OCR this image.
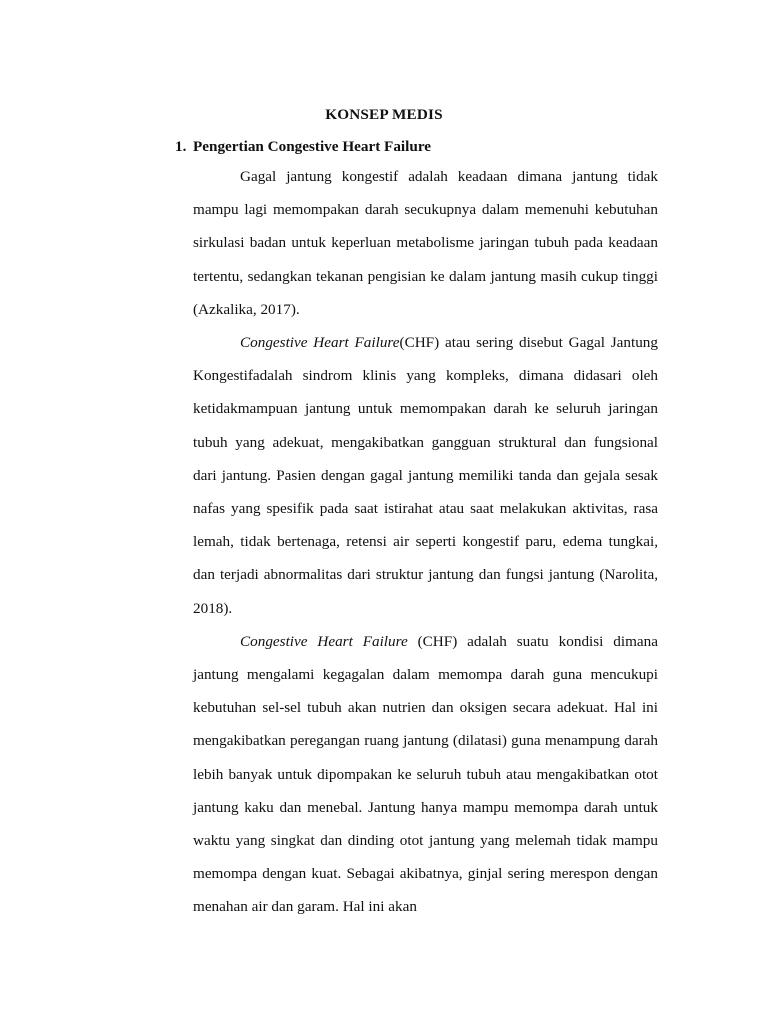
KONSEP MEDIS
1. Pengertian Congestive Heart Failure

Gagal jantung kongestif adalah keadaan dimana jantung tidak mampu lagi memompakan darah secukupnya dalam memenuhi kebutuhan sirkulasi badan untuk keperluan metabolisme jaringan tubuh pada keadaan tertentu, sedangkan tekanan pengisian ke dalam jantung masih cukup tinggi (Azkalika, 2017).

Congestive Heart Failure(CHF) atau sering disebut Gagal Jantung Kongestifadalah sindrom klinis yang kompleks, dimana didasari oleh ketidakmampuan jantung untuk memompakan darah ke seluruh jaringan tubuh yang adekuat, mengakibatkan gangguan struktural dan fungsional dari jantung. Pasien dengan gagal jantung memiliki tanda dan gejala sesak nafas yang spesifik pada saat istirahat atau saat melakukan aktivitas, rasa lemah, tidak bertenaga, retensi air seperti kongestif paru, edema tungkai, dan terjadi abnormalitas dari struktur jantung dan fungsi jantung (Narolita, 2018).

Congestive Heart Failure (CHF) adalah suatu kondisi dimana jantung mengalami kegagalan dalam memompa darah guna mencukupi kebutuhan sel-sel tubuh akan nutrien dan oksigen secara adekuat. Hal ini mengakibatkan peregangan ruang jantung (dilatasi) guna menampung darah lebih banyak untuk dipompakan ke seluruh tubuh atau mengakibatkan otot jantung kaku dan menebal. Jantung hanya mampu memompa darah untuk waktu yang singkat dan dinding otot jantung yang melemah tidak mampu memompa dengan kuat. Sebagai akibatnya, ginjal sering merespon dengan menahan air dan garam. Hal ini akan
